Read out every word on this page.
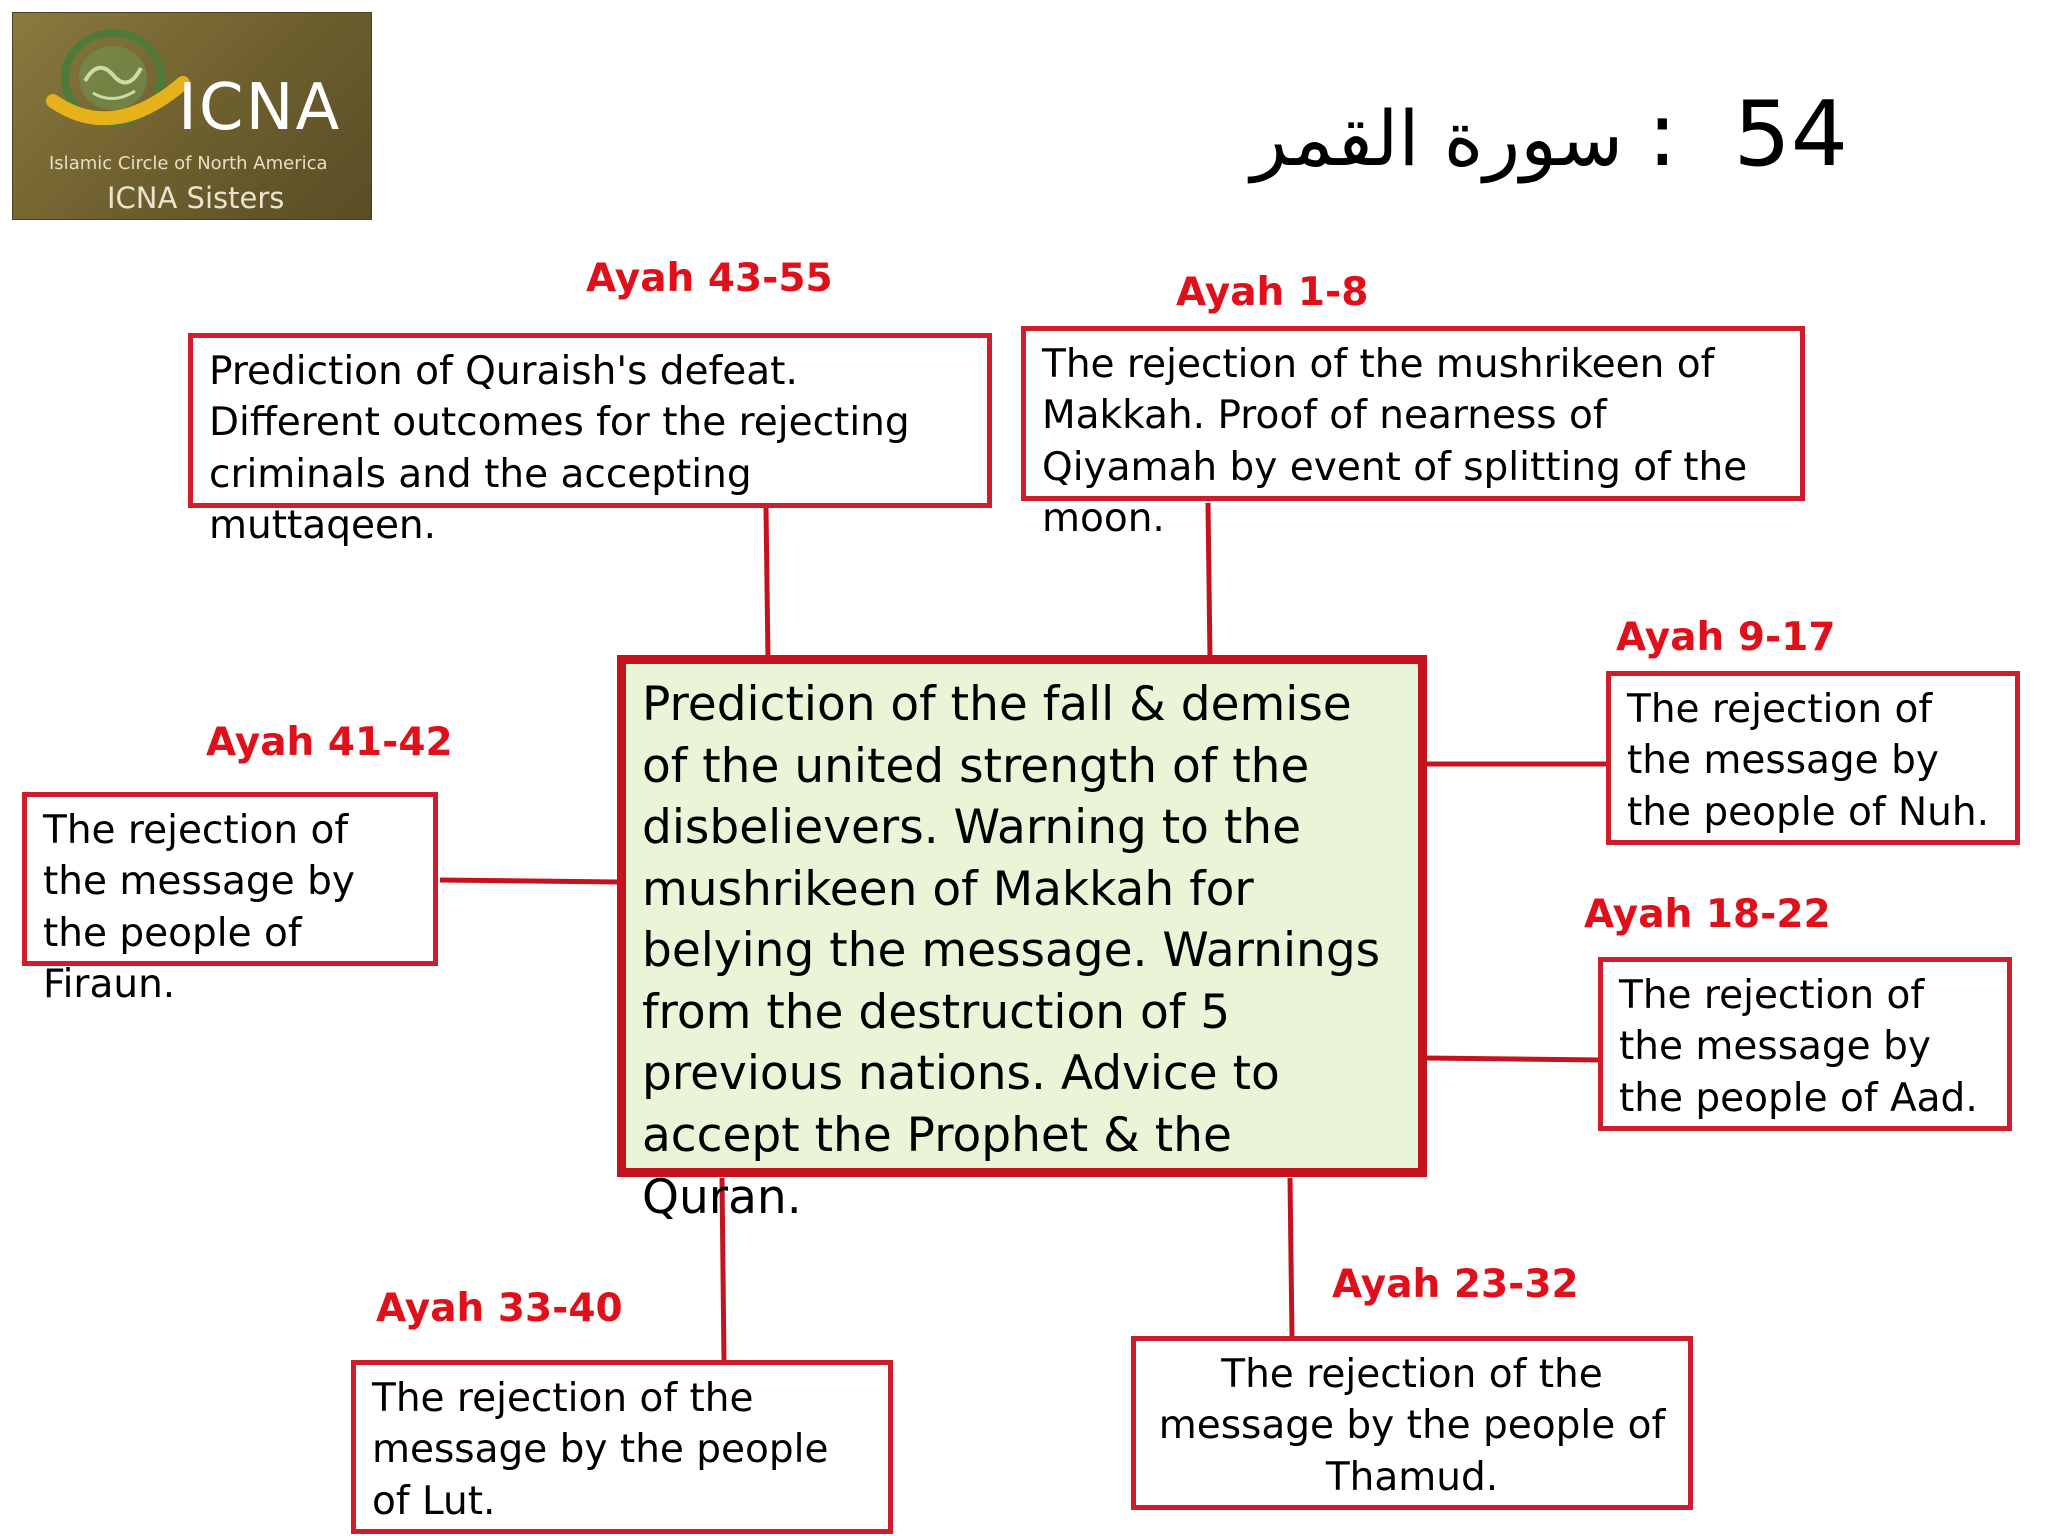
ICNA
Islamic Circle of North America
ICNA Sisters
سورة القمر : 54
Prediction of the fall & demise of the united strength of the disbelievers. Warning to the mushrikeen of Makkah for belying the message. Warnings from the destruction of 5 previous nations. Advice to accept the Prophet & the Quran.
Ayah 43-55
Prediction of Quraish's defeat. Different outcomes for the rejecting criminals and the accepting muttaqeen.
Ayah 1-8
The rejection of the mushrikeen of Makkah. Proof of nearness of Qiyamah by event of splitting of the moon.
Ayah 9-17
The rejection of the message by the people of Nuh.
Ayah 41-42
The rejection of the message by the people of Firaun.
Ayah 18-22
The rejection of the message by the people of Aad.
Ayah 23-32
The rejection of the message by the people of Thamud.
Ayah 33-40
The rejection of the message by the people of Lut.
